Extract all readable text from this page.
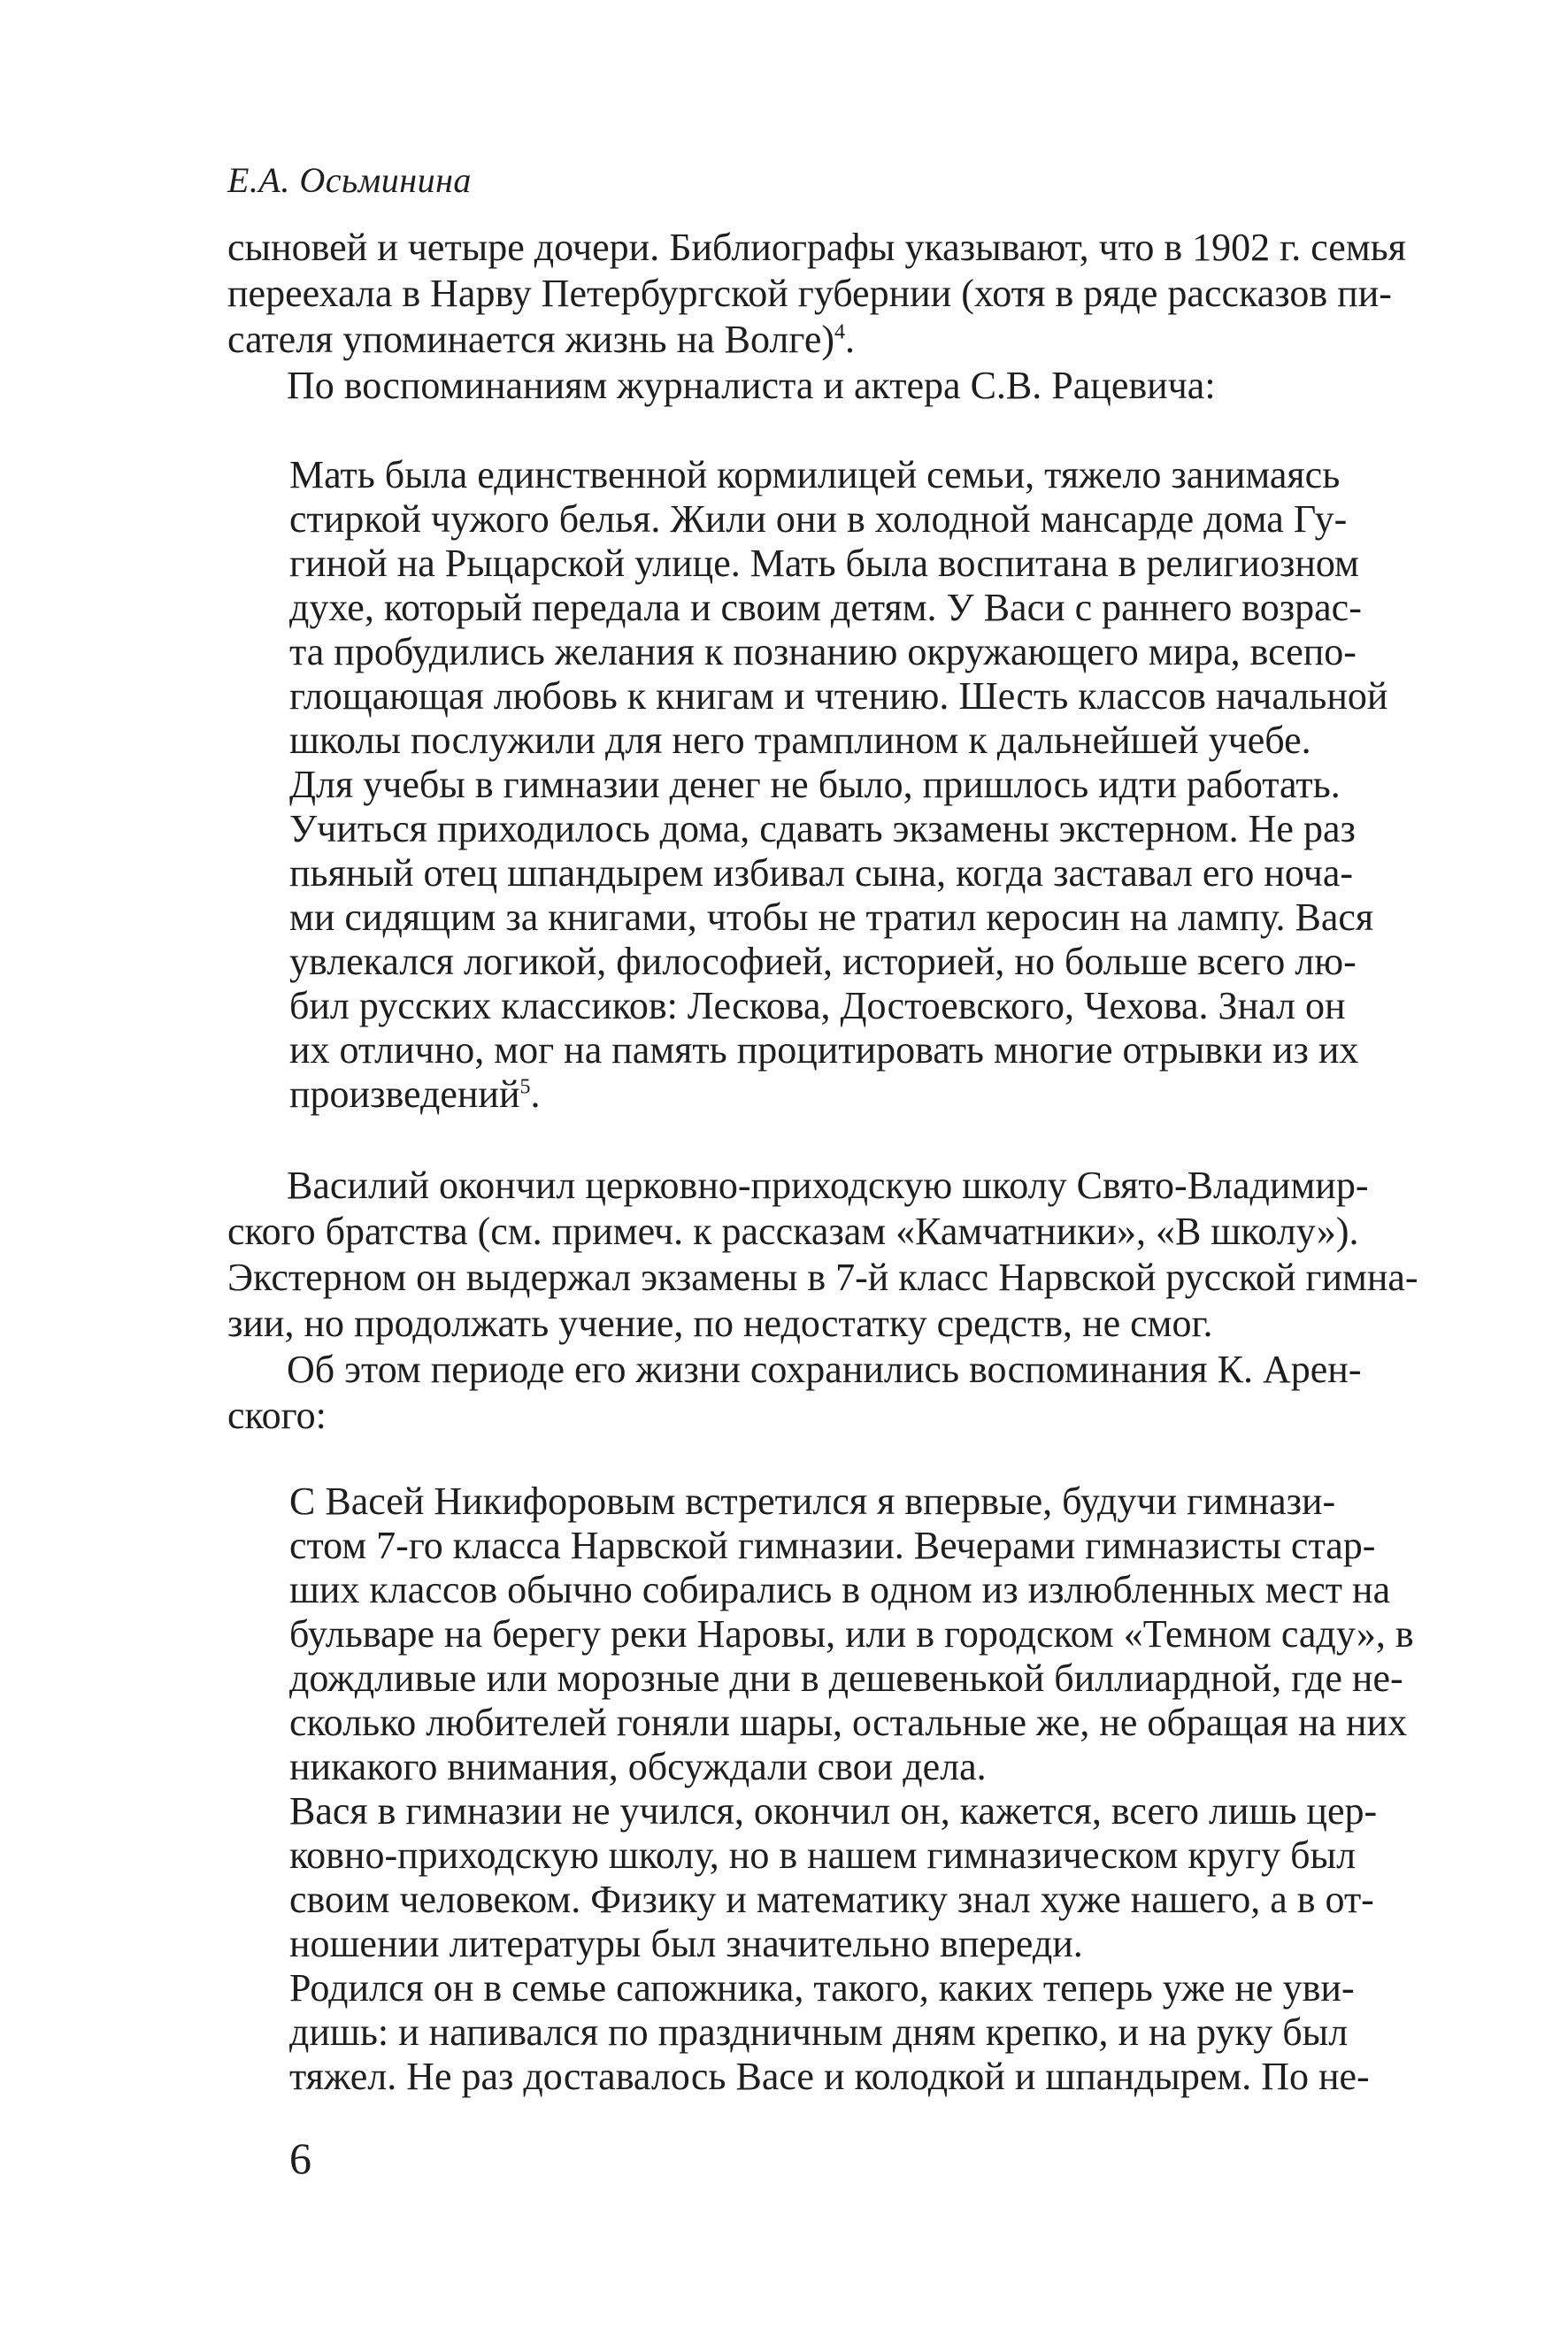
Е.А. Осьминина
сыновей и четыре дочери. Библиографы указывают, что в 1902 г. семья
переехала в Нарву Петербургской губернии (хотя в ряде рассказов пи-
сателя упоминается жизнь на Волге)$^4$.
По воспоминаниям журналиста и актера С.В. Рацевича:
Мать была единственной кормилицей семьи, тяжело занимаясь
стиркой чужого белья. Жили они в холодной мансарде дома Гу-
гиной на Рыцарской улице. Мать была воспитана в религиозном
духе, который передала и своим детям. У Васи с раннего возрас-
та пробудились желания к познанию окружающего мира, всепо-
глощающая любовь к книгам и чтению. Шесть классов начальной
школы послужили для него трамплином к дальнейшей учебе.
Для учебы в гимназии денег не было, пришлось идти работать.
Учиться приходилось дома, сдавать экзамены экстерном. Не раз
пьяный отец шпандырем избивал сына, когда заставал его ноча-
ми сидящим за книгами, чтобы не тратил керосин на лампу. Вася
увлекался логикой, философией, историей, но больше всего лю-
бил русских классиков: Лескова, Достоевского, Чехова. Знал он
их отлично, мог на память процитировать многие отрывки из их
произведений$^5$.
Василий окончил церковно-приходскую школу Свято-Владимир-
ского братства (см. примеч. к рассказам «Камчатники», «В школу»).
Экстерном он выдержал экзамены в 7-й класс Нарвской русской гимна-
зии, но продолжать учение, по недостатку средств, не смог.
Об этом периоде его жизни сохранились воспоминания К. Арен-
ского:
С Васей Никифоровым встретился я впервые, будучи гимнази-
стом 7-го класса Нарвской гимназии. Вечерами гимназисты стар-
ших классов обычно собирались в одном из излюбленных мест на
бульваре на берегу реки Наровы, или в городском «Темном саду», в
дождливые или морозные дни в дешевенькой биллиардной, где не-
сколько любителей гоняли шары, остальные же, не обращая на них
никакого внимания, обсуждали свои дела.
Вася в гимназии не учился, окончил он, кажется, всего лишь цер-
ковно-приходскую школу, но в нашем гимназическом кругу был
своим человеком. Физику и математику знал хуже нашего, а в от-
ношении литературы был значительно впереди.
Родился он в семье сапожника, такого, каких теперь уже не уви-
дишь: и напивался по праздничным дням крепко, и на руку был
тяжел. Не раз доставалось Васе и колодкой и шпандырем. По не-
6
